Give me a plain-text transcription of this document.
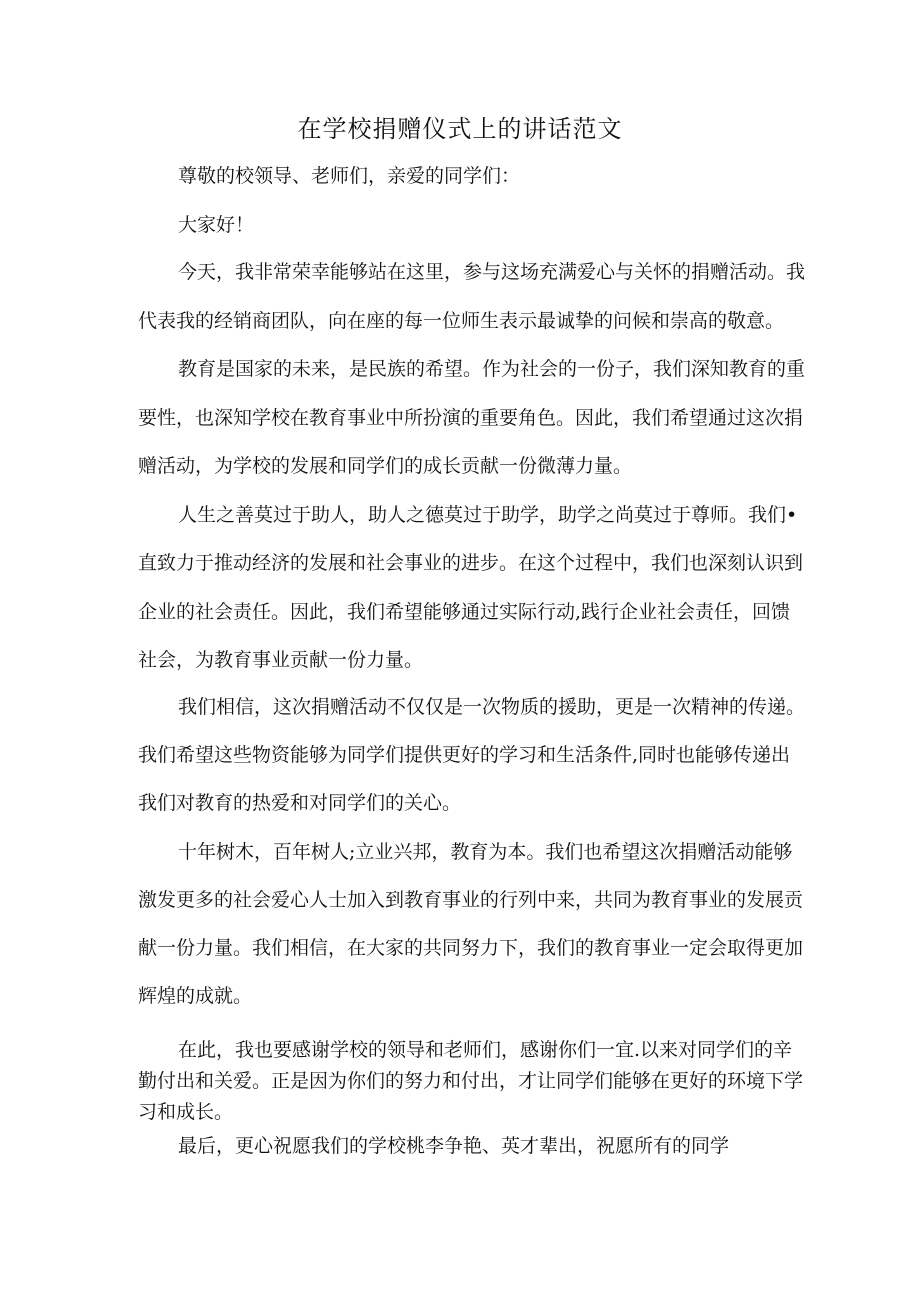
在学校捐赠仪式上的讲话范文
尊敬的校领导、老师们，亲爱的同学们：
大家好！
今天，我非常荣幸能够站在这里，参与这场充满爱心与关怀的捐赠活动。我
代表我的经销商团队，向在座的每一位师生表示最诚挚的问候和崇高的敬意。
教育是国家的未来，是民族的希望。作为社会的一份子，我们深知教育的重
要性，也深知学校在教育事业中所扮演的重要角色。因此，我们希望通过这次捐
赠活动，为学校的发展和同学们的成长贡献一份微薄力量。
人生之善莫过于助人，助人之德莫过于助学，助学之尚莫过于尊师。我们•
直致力于推动经济的发展和社会事业的进步。在这个过程中，我们也深刻认识到
企业的社会责任。因此，我们希望能够通过实际行动,践行企业社会责任，回馈
社会，为教育事业贡献一份力量。
我们相信，这次捐赠活动不仅仅是一次物质的援助，更是一次精神的传递。
我们希望这些物资能够为同学们提供更好的学习和生活条件,同时也能够传递出
我们对教育的热爱和对同学们的关心。
十年树木，百年树人;立业兴邦，教育为本。我们也希望这次捐赠活动能够
激发更多的社会爱心人士加入到教育事业的行列中来，共同为教育事业的发展贡
献一份力量。我们相信，在大家的共同努力下，我们的教育事业一定会取得更加
辉煌的成就。
在此，我也要感谢学校的领导和老师们，感谢你们一宜.以来对同学们的辛
勤付出和关爱。正是因为你们的努力和付出，才让同学们能够在更好的环境下学
习和成长。
最后，更心祝愿我们的学校桃李争艳、英才辈出，祝愿所有的同学
